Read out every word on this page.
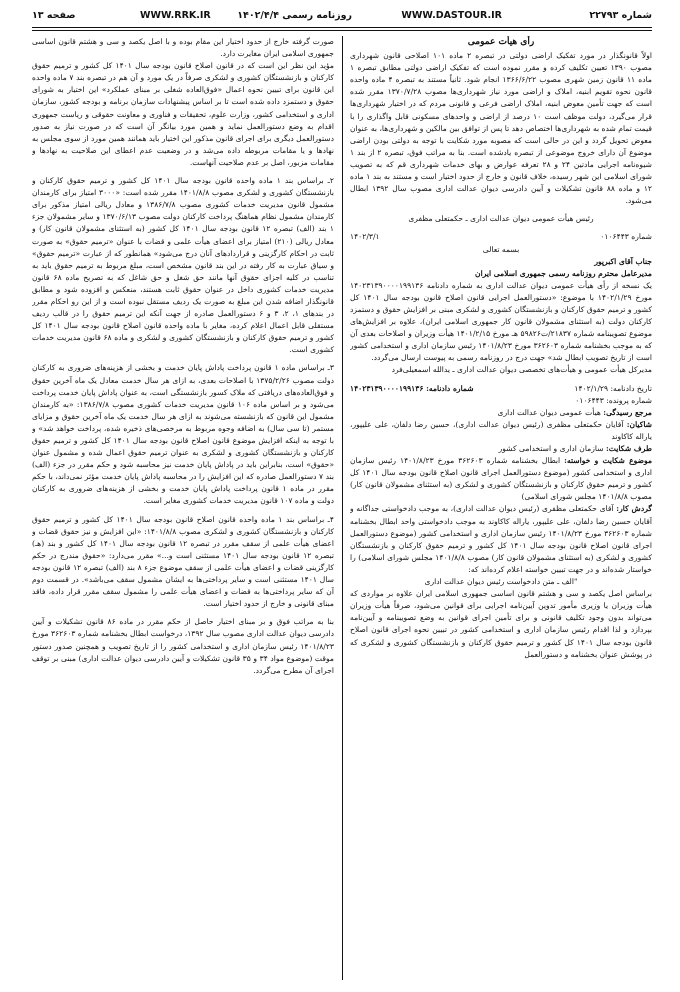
شماره ۲۲۷۹۳
WWW.DASTOUR.IR
روزنامه رسمی ۱۴۰۲/۴/۴
WWW.RRK.IR
صفحه ۱۳
رأی هیأت عمومی

اولاً قانونگذار در مورد تفکیک اراضی دولتی در تبصره ۲ ماده ۱۰۱ اصلاحی قانون شهرداری مصوب ۱۳۹۰ تعیین تکلیف کرده و مقرر نموده است که تفکیک اراضی دولتی مطابق تبصره ۱ ماده ۱۱ قانون زمین شهری مصوب ۱۳۶۶/۶/۲۲ انجام شود. ثانیاً مستند به تبصره ۴ ماده واحده قانون نحوه تقویم ابنیه، املاک و اراضی مورد نیاز شهرداری‌ها مصوب ۱۳۷۰/۷/۲۸ مقرر شده است که جهت تأمین معوض ابنیه، املاک اراضی فرعی و قانونی مردم که در اختیار شهرداری‌ها قرار می‌گیرد، دولت موظف است ۱۰ درصد از اراضی و واحدهای مسکونی قابل واگذاری را با قیمت تمام شده به شهرداری‌ها اختصاص دهد تا پس از توافق بین مالکین و شهرداری‌ها، به عنوان معوض تحویل گردد و این در حالی است که مصوبه مورد شکایت با توجه به دولتی بودن اراضی موضوع آن دارای خروج موضوعی از تبصره یادشده است. بنا به مراتب فوق، تبصره ۲ از بند ۱ شیوه‌نامه اجرایی مادتین ۲۴ و ۲۸ تعرفه عوارض و بهای خدمات شهرداری قم که به تصویب شورای اسلامی این شهر رسیده، خلاف قانون و خارج از حدود اختیار است و مستند به بند ۱ ماده ۱۲ و ماده ۸۸ قانون تشکیلات و آیین دادرسی دیوان عدالت اداری مصوب سال ۱۳۹۲ ابطال می‌شود.

رئیس هیأت عمومی دیوان عدالت اداری ـ حکمتعلی مظفری

شماره ۰۱۰۶۴۴۳
۱۴۰۲/۳/۱

بسمه تعالی

جناب آقای اکبرپور

مدیرعامل محترم روزنامه رسمی جمهوری اسلامی ایران

یک نسخه از رأی هیأت عمومی دیوان عدالت اداری به شماره دادنامه ۱۴۰۲۳۱۳۹۰۰۰۰۱۹۹۱۳۶ مورخ ۱۴۰۲/۱/۲۹ با موضوع: «دستورالعمل اجرایی قانون اصلاح قانون بودجه سال ۱۴۰۱ کل کشور و ترمیم حقوق کارکنان و بازنشستگان کشوری و لشکری مبنی بر افزایش حقوق و دستمزد کارکنان دولت (به استثنای مشمولان قانون کار جمهوری اسلامی ایران)، علاوه بر افزایش‌های موضوع تصویبنامه شماره ۲۱۸۳۷/ت۵۹۸۲۶ هـ مورخ ۱۴۰۱/۲/۱۵ هیأت وزیران و اصلاحات بعدی آن که به موجب بخشنامه شماره ۳۶۲۶۰۳ مورخ ۱۴۰۱/۸/۲۳ رئیس سازمان اداری و استخدامی کشور است از تاریخ تصویب ابطال شد» جهت درج در روزنامه رسمی به پیوست ارسال می‌گردد.

مدیرکل هیأت عمومی و هیأت‌های تخصصی دیوان عدالت اداری ـ یدالله اسمعیلی‌فرد

تاریخ دادنامه: ۱۴۰۲/۱/۲۹
شماره دادنامه: ۱۴۰۲۳۱۳۹۰۰۰۰۱۹۹۱۳۶

شماره پرونده: ۰۱۰۶۴۴۳

مرجع رسیدگی: هیأت عمومی دیوان عدالت اداری

شاکیان: آقایان حکمتعلی مظفری (رئیس دیوان عدالت اداری)، حسین رضا دلفان، علی علیپور، یاراله کاکاوند

طرف شکایت: سازمان اداری و استخدامی کشور

موضوع شکایت و خواسته: ابطال بخشنامه شماره ۳۶۲۶۰۳ مورخ ۱۴۰۱/۸/۲۳ رئیس سازمان اداری و استخدامی کشور (موضوع دستورالعمل اجرای قانون اصلاح قانون بودجه سال ۱۴۰۱ کل کشور و ترمیم حقوق کارکنان و بازنشستگان کشوری و لشکری (به استثنای مشمولان قانون کار) مصوب ۱۴۰۱/۸/۸ مجلس شورای اسلامی)

گردش کار: آقای حکمتعلی مظفری (رئیس دیوان عدالت اداری)، به موجب دادخواستی جداگانه و آقایان حسین رضا دلفان، علی علیپور، یاراله کاکاوند به موجب دادخواستی واحد ابطال بخشنامه شماره ۳۶۲۶۰۳ مورخ ۱۴۰۱/۸/۲۳ رئیس سازمان اداری و استخدامی کشور (موضوع دستورالعمل اجرای قانون اصلاح قانون بودجه سال ۱۴۰۱ کل کشور و ترمیم حقوق کارکنان و بازنشستگان کشوری و لشکری (به استثنای مشمولان قانون کار) مصوب ۱۴۰۱/۸/۸ مجلس شورای اسلامی) را خواستار شده‌اند و در جهت تبیین خواسته اعلام کرده‌اند که:

"الف ـ متن دادخواست رئیس دیوان عدالت اداری

براساس اصل یکصد و سی و هشتم قانون اساسی جمهوری اسلامی ایران علاوه بر مواردی که هیأت وزیران یا وزیری مأمور تدوین آیین‌نامه اجرایی برای قوانین می‌شود، صرفاً هیأت وزیران می‌تواند بدون وجود تکلیف قانونی و برای تأمین اجرای قوانین به وضع تصویبنامه و آیین‌نامه بپردازد و لذا اقدام رئیس سازمان اداری و استخدامی کشور در تبیین نحوه اجرای قانون اصلاح قانون بودجه سال ۱۴۰۱ کل کشور و ترمیم حقوق کارکنان و بازنشستگان کشوری و لشکری که در پوشش عنوان بخشنامه و دستورالعمل

صورت گرفته خارج از حدود اختیار این مقام بوده و با اصل یکصد و سی و هشتم قانون اساسی جمهوری اسلامی ایران مغایرت دارد.

مؤید این نظر این است که در قانون اصلاح قانون بودجه سال ۱۴۰۱ کل کشور و ترمیم حقوق کارکنان و بازنشستگان کشوری و لشکری صرفاً در یک مورد و آن هم در تبصره بند ۷ ماده واحده این قانون برای تبیین نحوه اعمال «فوق‌العاده شغلی بر مبنای عملکرد» این اختیار به شورای حقوق و دستمزد داده شده است تا بر اساس پیشنهادات سازمان برنامه و بودجه کشور، سازمان اداری و استخدامی کشور، وزارت علوم، تحقیقات و فناوری و معاونت حقوقی و ریاست جمهوری اقدام به وضع دستورالعمل نماید و همین مورد بیانگر آن است که در صورت نیاز به صدور دستورالعمل دیگری برای اجرای قانون مذکور این اختیار باید همانند همین مورد از سوی مجلس به نهادها و یا مقامات مربوطه داده می‌شد و در وضعیت عدم اعطای این صلاحیت به نهادها و مقامات مزبور، اصل بر عدم صلاحیت آنهاست.

۲ـ براساس بند ۱ ماده واحده قانون بودجه سال ۱۴۰۱ کل کشور و ترمیم حقوق کارکنان و بازنشستگان کشوری و لشکری مصوب ۱۴۰۱/۸/۸ مقرر شده است: «۳۰۰۰ امتیاز برای کارمندان مشمول قانون مدیریت خدمات کشوری مصوب ۱۳۸۶/۷/۸ و معادل ریالی امتیاز مذکور برای کارمندان مشمول نظام هماهنگ پرداخت کارکنان دولت مصوب ۱۳۷۰/۶/۱۳ و سایر مشمولان جزء ۱ بند (الف) تبصره ۱۲ قانون بودجه سال ۱۴۰۱ کل کشور (به استثنای مشمولان قانون کار) و معادل ریالی (۲۱۰) امتیاز برای اعضای هیأت علمی و قضات با عنوان «ترمیم حقوق» به صورت ثابت در احکام کارگزینی و قراردادهای آنان درج می‌شود» همانطور که از عبارت «ترمیم حقوق» و سیاق عبارت به کار رفته در این بند قانون مشخص است، مبلغ مربوط به ترمیم حقوق باید به تناسب در کلیه اجزای حقوق آنها مانند حق شغل و حق شاغل که به تصریح ماده ۶۸ قانون مدیریت خدمات کشوری داخل در عنوان حقوق ثابت هستند، منعکس و افزوده شود و مطابق قانونگذار اضافه شدن این مبلغ به صورت یک ردیف مستقل نبوده است و از این رو احکام مقرر در بندهای ۱، ۲، ۳ و ۶ دستورالعمل صادره از جهت آنکه این ترمیم حقوق را در قالب ردیف مستقلی قابل اعمال اعلام کرده، مغایر با ماده واحده قانون اصلاح قانون بودجه سال ۱۴۰۱ کل کشور و ترمیم حقوق کارکنان و بازنشستگان کشوری و لشکری و ماده ۶۸ قانون مدیریت خدمات کشوری است.

۳ـ براساس ماده ۱ قانون پرداخت پاداش پایان خدمت و بخشی از هزینه‌های ضروری به کارکنان دولت مصوب ۱۳۷۵/۲/۲۶ با اصلاحات بعدی، به ازای هر سال خدمت معادل یک ماه آخرین حقوق و فوق‌العاده‌های دریافتی که ملاک کسور بازنشستگی است، به عنوان پاداش پایان خدمت پرداخت می‌شود و بر اساس ماده ۱۰۶ قانون مدیریت خدمات کشوری مصوب ۱۳۸۶/۷/۸: «به کارمندان مشمول این قانون که بازنشسته می‌شوند به ازای هر سال خدمت یک ماه آخرین حقوق و مزایای مستمر (تا سی سال) به اضافه وجوه مربوط به مرخصی‌های ذخیره شده، پرداخت خواهد شد» و با توجه به اینکه افزایش موضوع قانون اصلاح قانون بودجه سال ۱۴۰۱ کل کشور و ترمیم حقوق کارکنان و بازنشستگان کشوری و لشکری به عنوان ترمیم حقوق اعمال شده و مشمول عنوان «حقوق» است، بنابراین باید در پاداش پایان خدمت نیز محاسبه شود و حکم مقرر در جزء (الف) بند ۷ دستورالعمل صادره که این افزایش را در محاسبه پاداش پایان خدمت مؤثر نمی‌داند، با حکم مقرر در ماده ۱ قانون پرداخت پاداش پایان خدمت و بخشی از هزینه‌های ضروری به کارکنان دولت و ماده ۱۰۷ قانون مدیریت خدمات کشوری مغایر است.

۴ـ براساس بند ۱ ماده واحده قانون اصلاح قانون بودجه سال ۱۴۰۱ کل کشور و ترمیم حقوق کارکنان و بازنشستگان کشوری و لشکری مصوب ۱۴۰۱/۸/۸: «این افزایش و نیز حقوق قضات و اعضای هیأت علمی از سقف مقرر در تبصره ۱۲ قانون بودجه سال ۱۴۰۱ کل کشور و بند (هـ) تبصره ۱۲ قانون بودجه سال ۱۴۰۱ مستثنی است و...» مقرر می‌دارد: «حقوق مندرج در حکم کارگزینی قضات و اعضای هیأت علمی از سقف موضوع جزء ۸ بند (الف) تبصره ۱۲ قانون بودجه سال ۱۴۰۱ مستثنی است و سایر پرداختی‌ها به ایشان مشمول سقف می‌باشد». در قسمت دوم آن که سایر پرداختی‌ها به قضات و اعضای هیأت علمی را مشمول سقف مقرر قرار داده، فاقد مبنای قانونی و خارج از حدود اختیار است.

بنا به مراتب فوق و بر مبنای اختیار حاصل از حکم مقرر در ماده ۸۶ قانون تشکیلات و آیین دادرسی دیوان عدالت اداری مصوب سال ۱۳۹۲، درخواست ابطال بخشنامه شماره ۳۶۲۶۰۳ مورخ ۱۴۰۱/۸/۲۳ رئیس سازمان اداری و استخدامی کشور را از تاریخ تصویب و همچنین صدور دستور موقت (موضوع مواد ۳۴ و ۳۵ قانون تشکیلات و آیین دادرسی دیوان عدالت اداری) مبنی بر توقف اجرای آن مطرح می‌گردد.
